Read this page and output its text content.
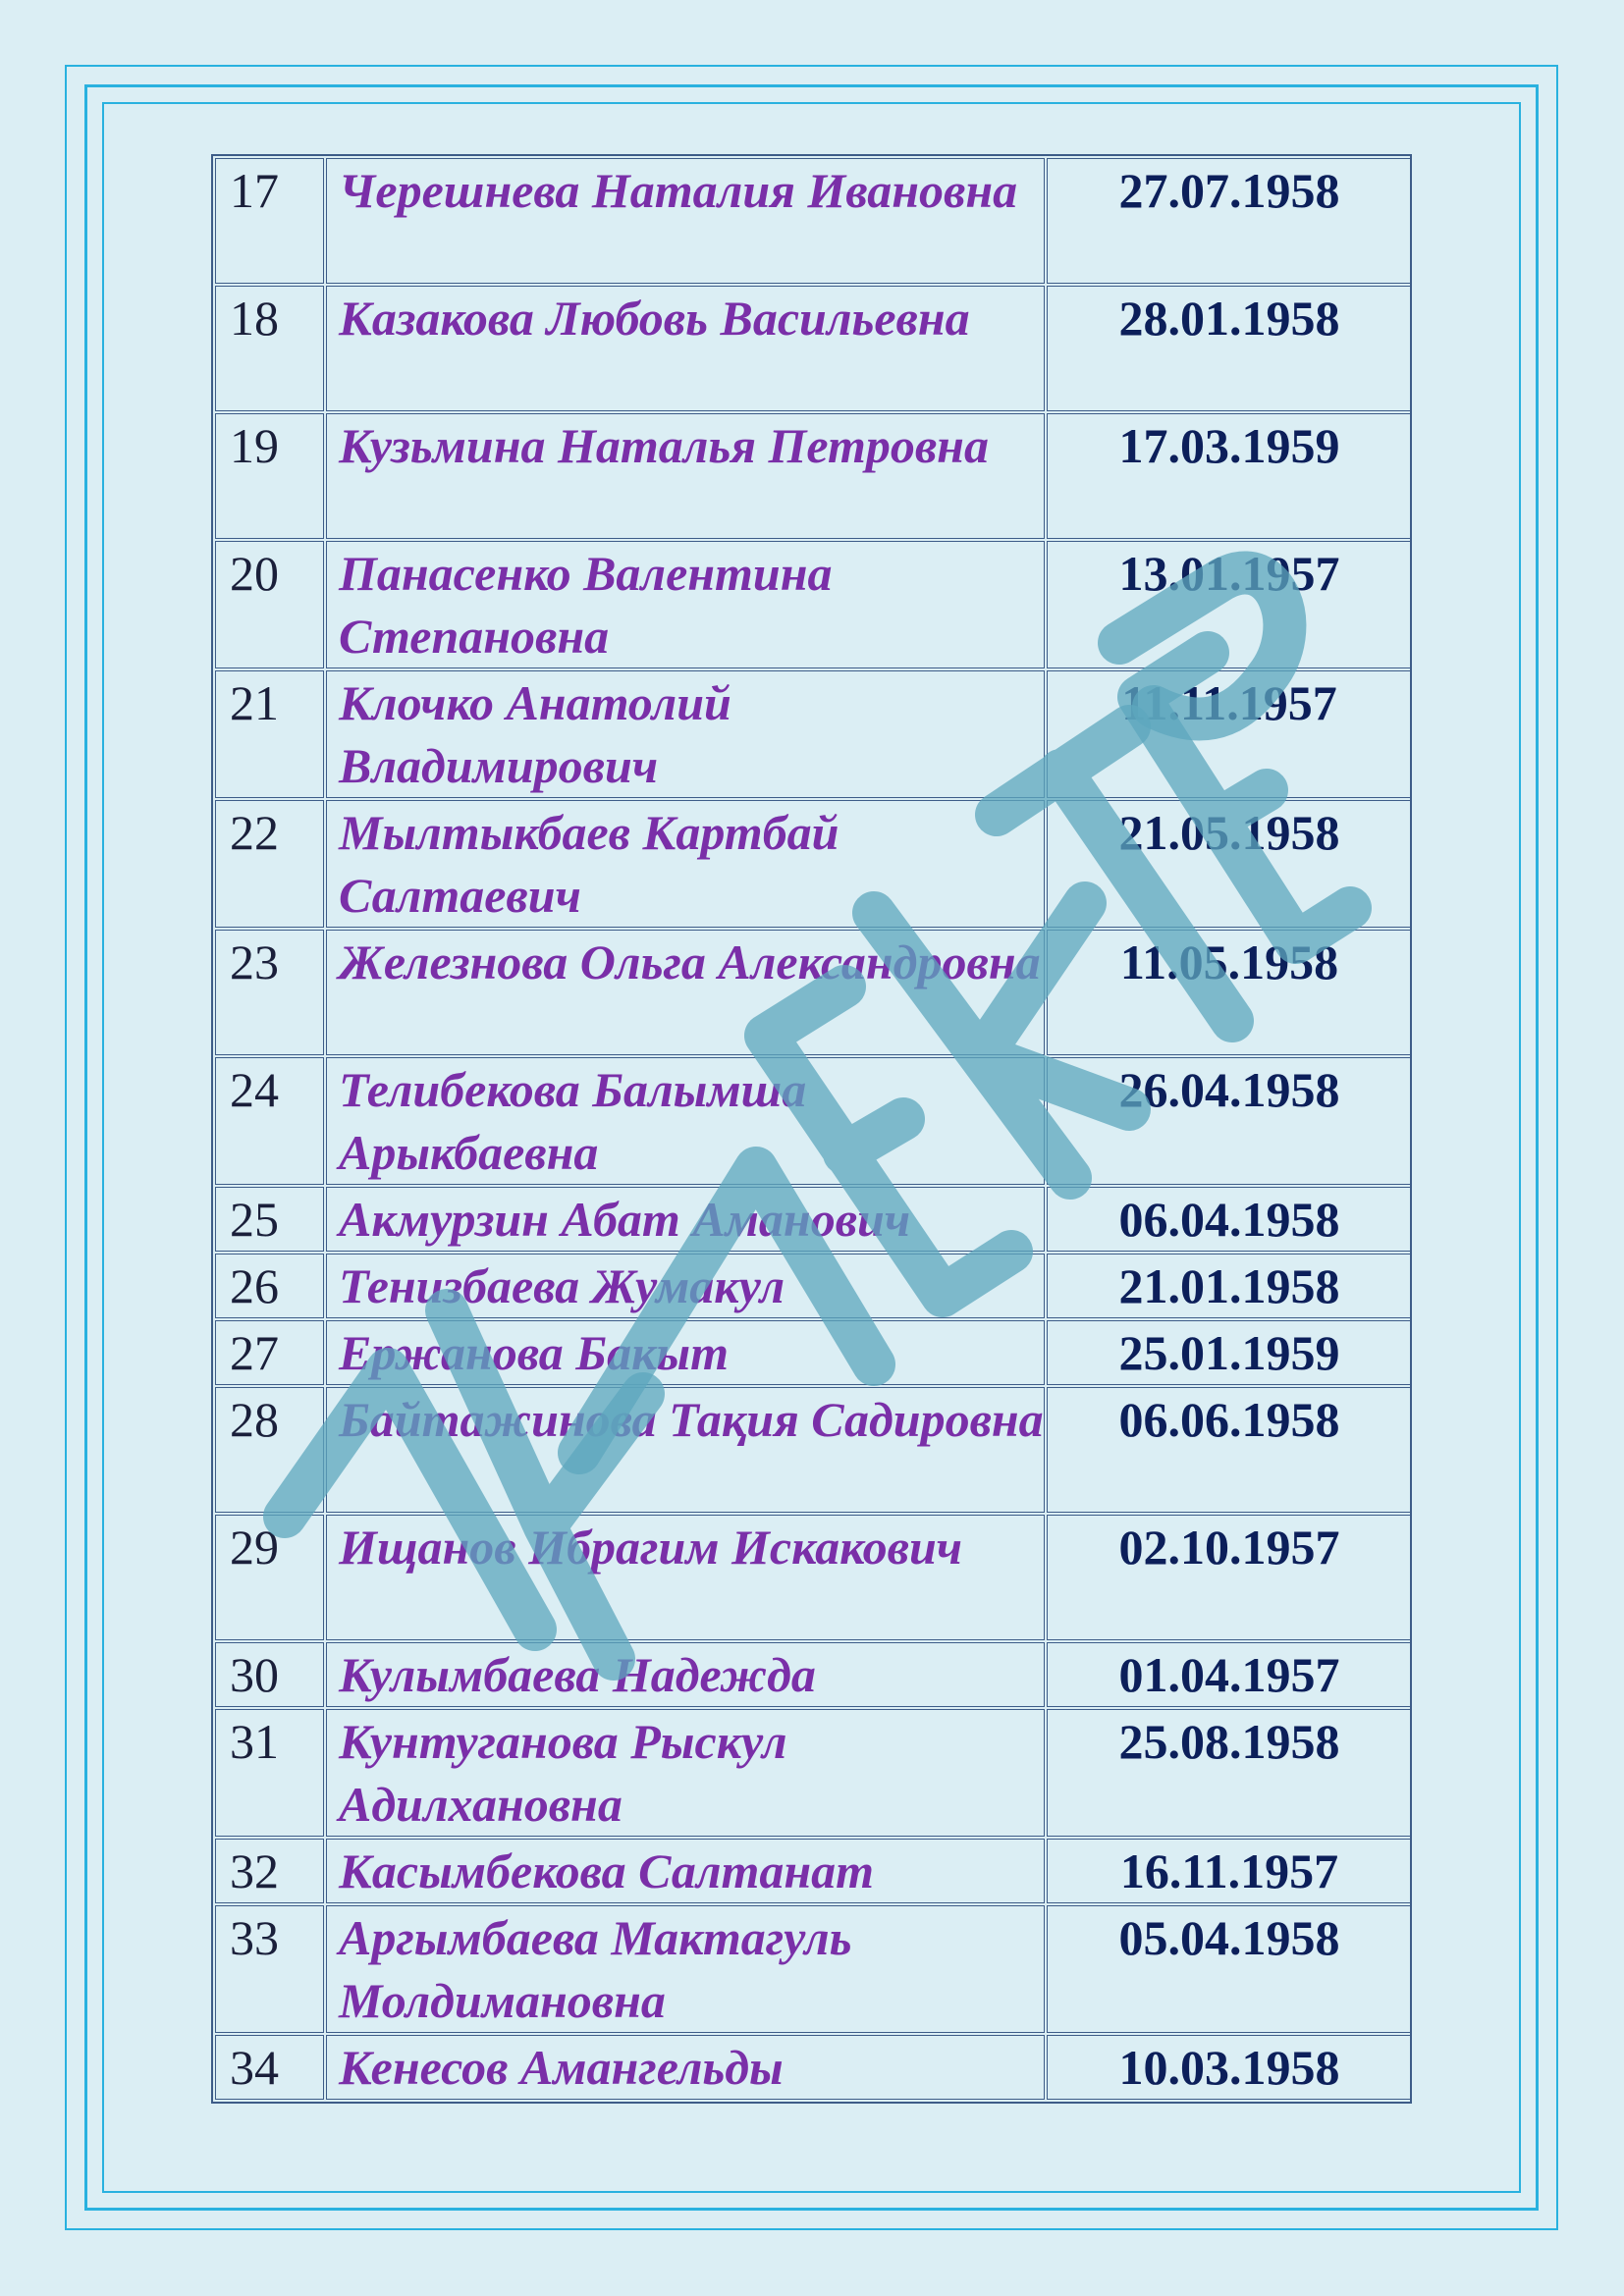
17	Черешнева Наталия Ивановна	27.07.1958
18	Казакова Любовь Васильевна	28.01.1958
19	Кузьмина Наталья Петровна	17.03.1959
20	Панасенко Валентина Степановна	13.01.1957
21	Клочко Анатолий Владимирович	11.11.1957
22	Мылтыкбаев Картбай Салтаевич	21.05.1958
23	Железнова Ольга Александровна	11.05.1958
24	Телибекова Балымша Арыкбаевна	26.04.1958
25	Акмурзин Абат Аманович	06.04.1958
26	Тенизбаева Жумакул	21.01.1958
27	Ержанова Бакыт	25.01.1959
28	Байтажинова Тақия Садировна	06.06.1958
29	Ищанов Ибрагим Искакович	02.10.1957
30	Кулымбаева Надежда	01.04.1957
31	Кунтуганова Рыскул Адилхановна	25.08.1958
32	Касымбекова Салтанат	16.11.1957
33	Аргымбаева Мактагуль Молдимановна	05.04.1958
34	Кенесов Амангельды	10.03.1958
